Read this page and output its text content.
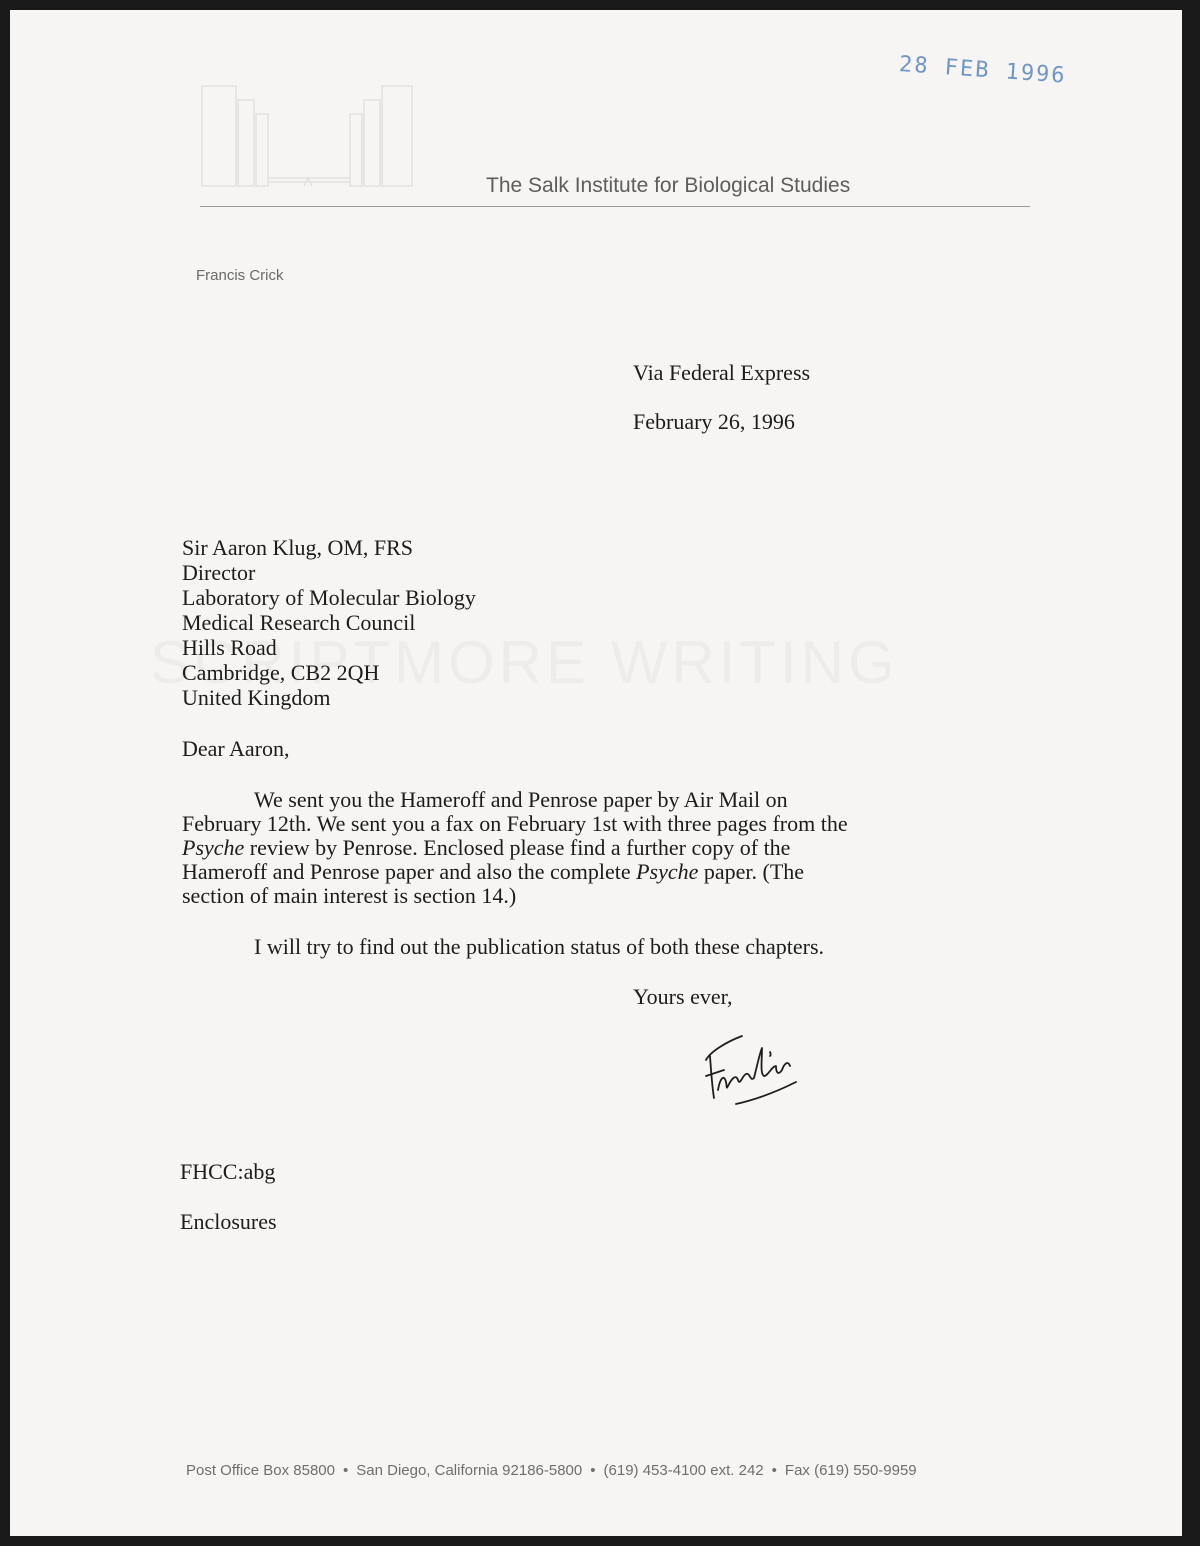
28 FEB 1996
The Salk Institute for Biological Studies
Francis Crick
Via Federal Express
February 26, 1996
Sir Aaron Klug, OM, FRS
Director
Laboratory of Molecular Biology
Medical Research Council
Hills Road
Cambridge, CB2 2QH
United Kingdom
Dear Aaron,
We sent you the Hameroff and Penrose paper by Air Mail on
February 12th. We sent you a fax on February 1st with three pages from the
Psyche review by Penrose. Enclosed please find a further copy of the
Hameroff and Penrose paper and also the complete Psyche paper. (The
section of main interest is section 14.)
I will try to find out the publication status of both these chapters.
Yours ever,
FHCC:abg
Enclosures
Post Office Box 85800 • San Diego, California 92186-5800 • (619) 453-4100 ext. 242 • Fax (619) 550-9959
